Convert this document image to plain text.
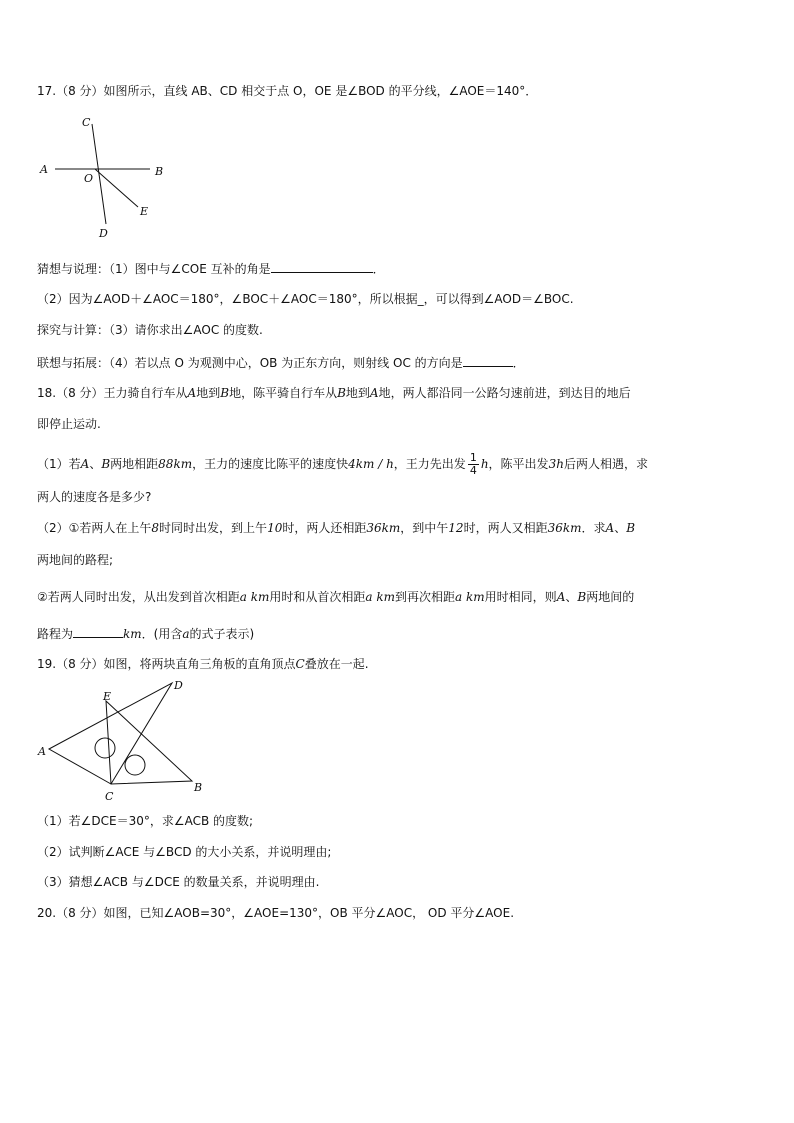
17.（8 分）如图所示，直线 AB、CD 相交于点 O，OE 是∠BOD 的平分线，∠AOE＝140°．
A	B
C
D
E
O
猜想与说理：（1）图中与∠COE 互补的角是	．
（2）因为∠AOD＋∠AOC＝180°，∠BOC＋∠AOC＝180°，所以根据_，可以得到∠AOD＝∠BOC.
探究与计算：（3）请你求出∠AOC 的度数.
联想与拓展：（4）若以点 O 为观测中心，OB 为正东方向，则射线 OC 的方向是	．
18.（8 分）王力骑自行车从A地到B地，陈平骑自行车从B地到A地，两人都沿同一公路匀速前进，到达目的地后
即停止运动.
（1）若A、B两地相距88km，王力的速度比陈平的速度快4km / h，王力先出发 $\frac{1}{4}$ h，陈平出发3h后两人相遇，求
两人的速度各是多少?
（2）①若两人在上午8时同时出发，到上午10时，两人还相距36km，到中午12时，两人又相距36km．求A、B
两地间的路程;
②若两人同时出发，从出发到首次相距a km用时和从首次相距a km到再次相距a km用时相同，则A、B两地间的
路程为	km．(用含a的式子表示)
19.（8 分）如图，将两块直角三角板的直角顶点C叠放在一起.
A
B
C
D
E
（1）若∠DCE＝30°，求∠ACB 的度数;
（2）试判断∠ACE 与∠BCD 的大小关系，并说明理由;
（3）猜想∠ACB 与∠DCE 的数量关系，并说明理由.
20.（8 分）如图，已知∠AOB=30°，∠AOE=130°，OB 平分∠AOC， OD 平分∠AOE.
